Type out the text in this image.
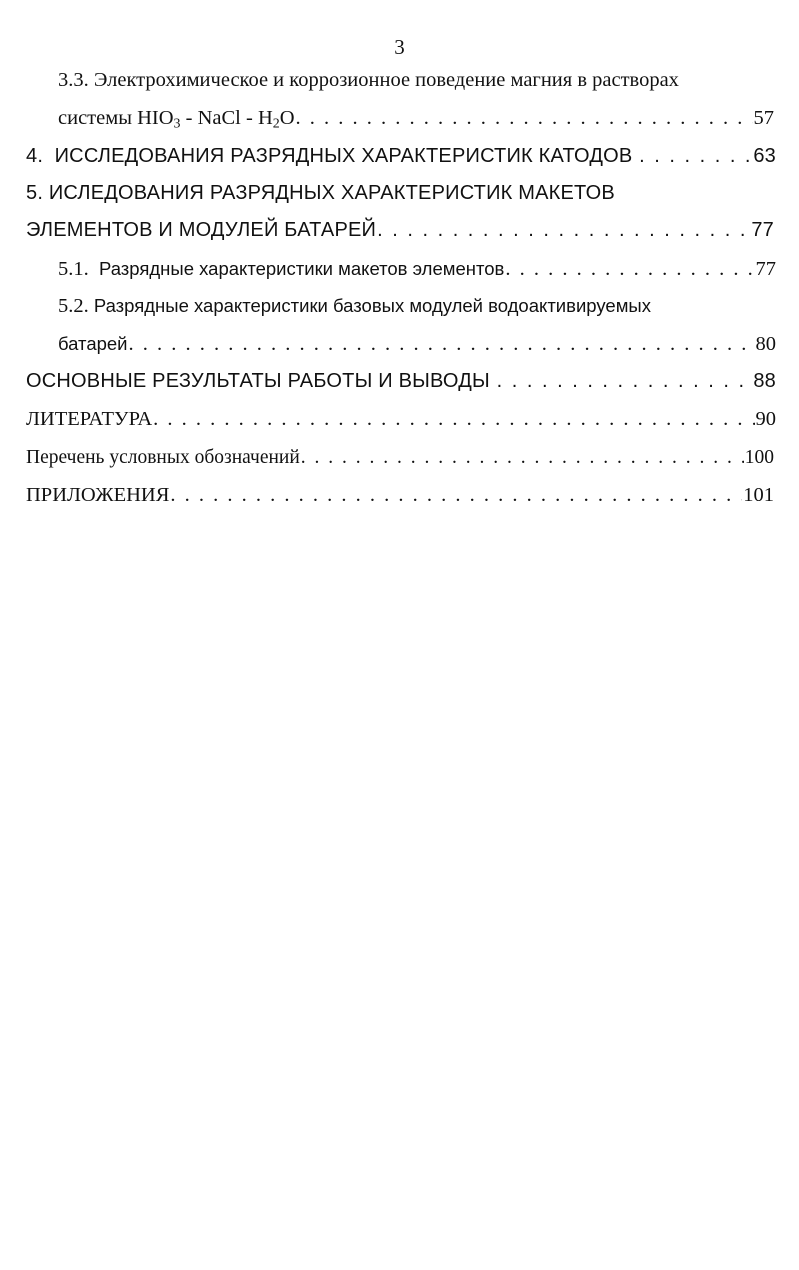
3
3.3. Электрохимическое и коррозионное поведение магния в растворах
системы $HIO_3$ - NaCl - $H_2O$ . . .	57
4. ИССЛЕДОВАНИЯ РАЗРЯДНЫХ ХАРАКТЕРИСТИК КАТОДОВ . . .	63
5. ИСЛЕДОВАНИЯ РАЗРЯДНЫХ ХАРАКТЕРИСТИК МАКЕТОВ
ЭЛЕМЕНТОВ И МОДУЛЕЙ БАТАРЕЙ . . .	77
5.1. Разрядные характеристики макетов элементов . . .	77
5.2. Разрядные характеристики базовых модулей водоактивируемых
батарей . . .	80
ОСНОВНЫЕ РЕЗУЛЬТАТЫ РАБОТЫ И ВЫВОДЫ . . .	88
ЛИТЕРАТУРА . . .	90
Перечень условных обозначений . . .	100
ПРИЛОЖЕНИЯ . . .	101
